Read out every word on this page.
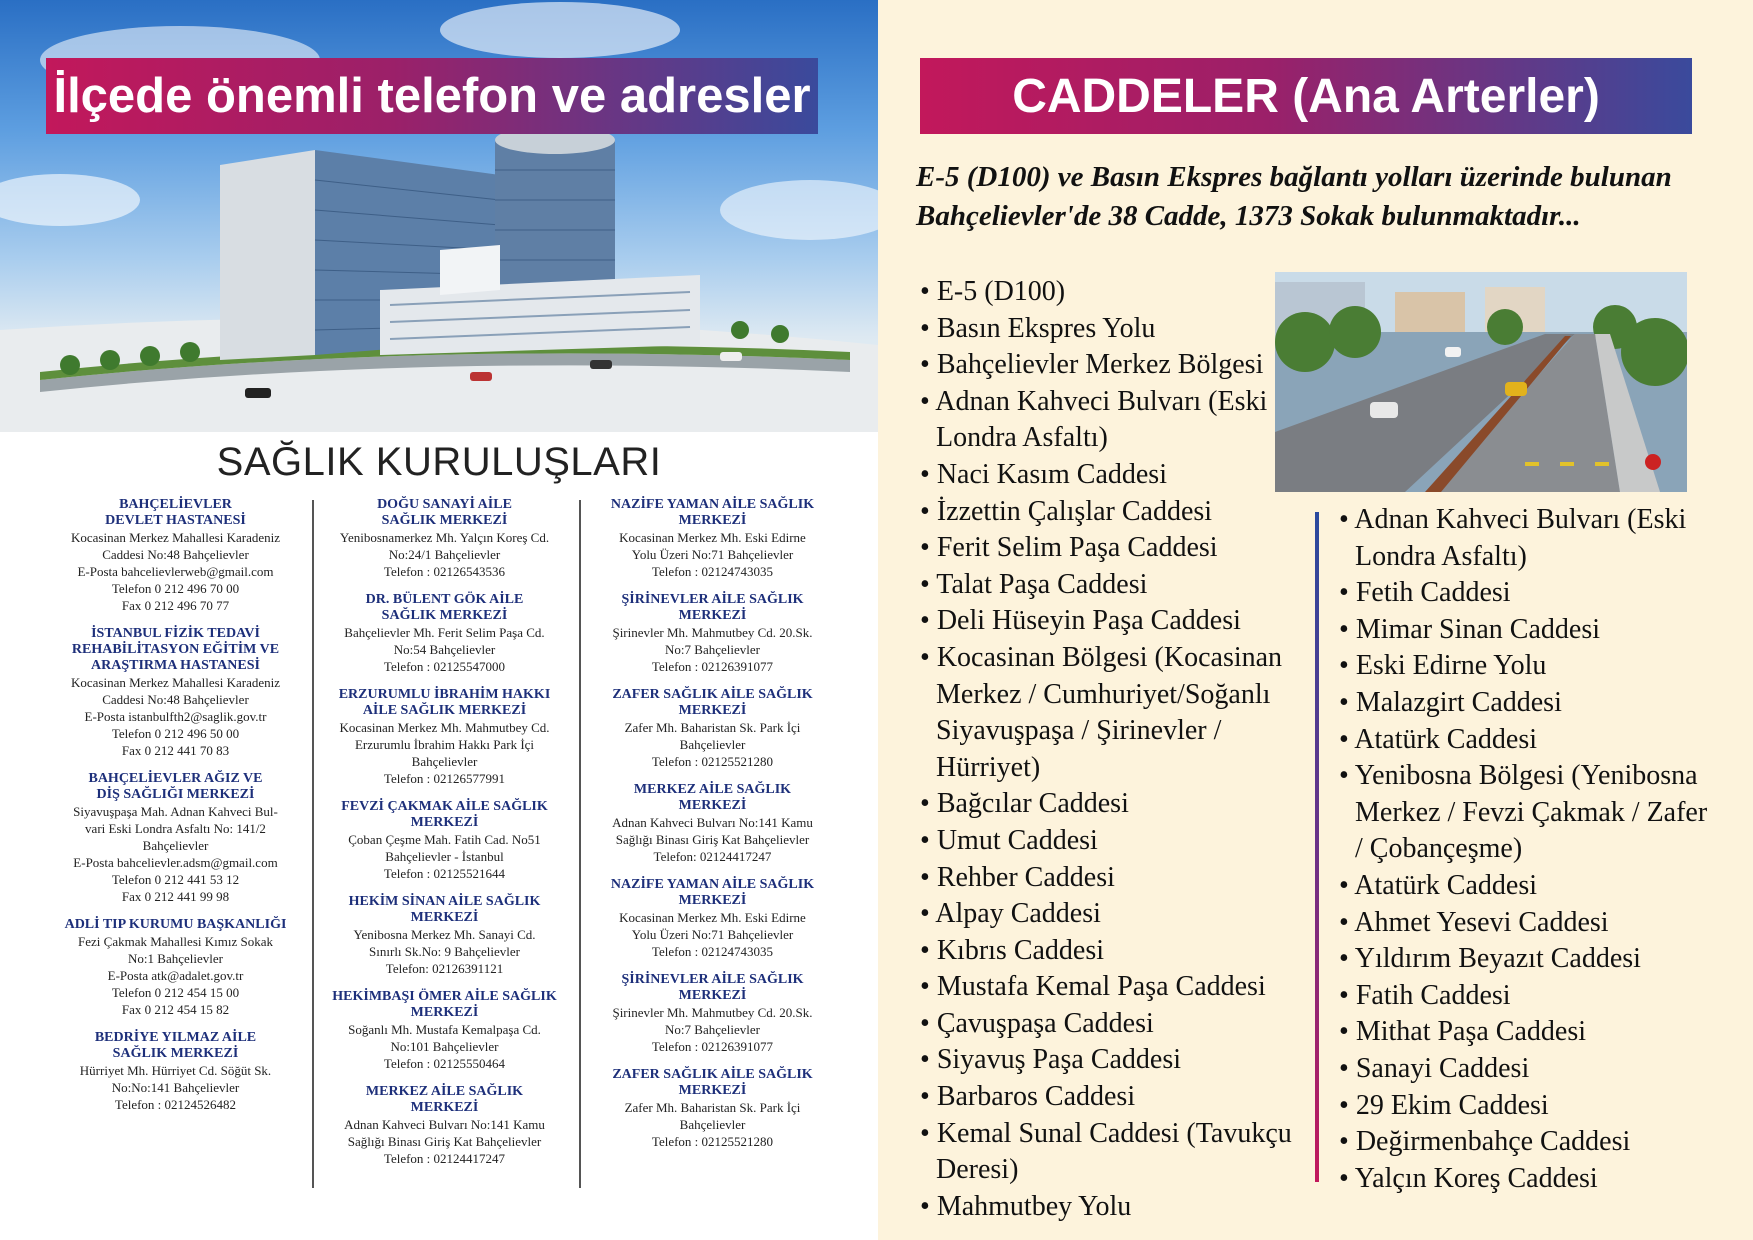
İlçede önemli telefon ve adresler
SAĞLIK KURULUŞLARI
BAHÇELİEVLER
DEVLET HASTANESİ
Kocasinan Merkez Mahallesi Karadeniz
Caddesi No:48 Bahçelievler
E-Posta bahcelievlerweb@gmail.com
Telefon 0 212 496 70 00
Fax 0 212 496 70 77
İSTANBUL FİZİK TEDAVİ
REHABİLİTASYON EĞİTİM VE
ARAŞTIRMA HASTANESİ
Kocasinan Merkez Mahallesi Karadeniz
Caddesi No:48 Bahçelievler
E-Posta istanbulfth2@saglik.gov.tr
Telefon 0 212 496 50 00
Fax 0 212 441 70 83
BAHÇELİEVLER AĞIZ VE
DİŞ SAĞLIĞI MERKEZİ
Siyavuşpaşa Mah. Adnan Kahveci Bul-
vari Eski Londra Asfaltı No: 141/2
Bahçelievler
E-Posta bahcelievler.adsm@gmail.com
Telefon 0 212 441 53 12
Fax 0 212 441 99 98
ADLİ TIP KURUMU BAŞKANLIĞI
Fezi Çakmak Mahallesi Kımız Sokak
No:1 Bahçelievler
E-Posta atk@adalet.gov.tr
Telefon 0 212 454 15 00
Fax 0 212 454 15 82
BEDRİYE YILMAZ AİLE
SAĞLIK MERKEZİ
Hürriyet Mh. Hürriyet Cd. Söğüt Sk.
No:No:141 Bahçelievler
Telefon : 02124526482
DOĞU SANAYİ AİLE
SAĞLIK MERKEZİ
Yenibosnamerkez Mh. Yalçın Koreş Cd.
No:24/1 Bahçelievler
Telefon : 02126543536
DR. BÜLENT GÖK AİLE
SAĞLIK MERKEZİ
Bahçelievler Mh. Ferit Selim Paşa Cd.
No:54 Bahçelievler
Telefon : 02125547000
ERZURUMLU İBRAHİM HAKKI
AİLE SAĞLIK MERKEZİ
Kocasinan Merkez Mh. Mahmutbey Cd.
Erzurumlu İbrahim Hakkı Park İçi
Bahçelievler
Telefon : 02126577991
FEVZİ ÇAKMAK AİLE SAĞLIK
MERKEZİ
Çoban Çeşme Mah. Fatih Cad. No51
Bahçelievler - İstanbul
Telefon : 02125521644
HEKİM SİNAN AİLE SAĞLIK
MERKEZİ
Yenibosna Merkez Mh. Sanayi Cd.
Sınırlı Sk.No: 9 Bahçelievler
Telefon: 02126391121
HEKİMBAŞI ÖMER AİLE SAĞLIK
MERKEZİ
Soğanlı Mh. Mustafa Kemalpaşa Cd.
No:101 Bahçelievler
Telefon : 02125550464
MERKEZ AİLE SAĞLIK
MERKEZİ
Adnan Kahveci Bulvarı No:141 Kamu
Sağlığı Binası Giriş Kat Bahçelievler
Telefon : 02124417247
NAZİFE YAMAN AİLE SAĞLIK
MERKEZİ
Kocasinan Merkez Mh. Eski Edirne
Yolu Üzeri No:71 Bahçelievler
Telefon : 02124743035
ŞİRİNEVLER AİLE SAĞLIK
MERKEZİ
Şirinevler Mh. Mahmutbey Cd. 20.Sk.
No:7 Bahçelievler
Telefon : 02126391077
ZAFER SAĞLIK AİLE SAĞLIK
MERKEZİ
Zafer Mh. Baharistan Sk. Park İçi
Bahçelievler
Telefon : 02125521280
MERKEZ AİLE SAĞLIK
MERKEZİ
Adnan Kahveci Bulvarı No:141 Kamu
Sağlığı Binası Giriş Kat Bahçelievler
Telefon: 02124417247
NAZİFE YAMAN AİLE SAĞLIK
MERKEZİ
Kocasinan Merkez Mh. Eski Edirne
Yolu Üzeri No:71 Bahçelievler
Telefon : 02124743035
ŞİRİNEVLER AİLE SAĞLIK
MERKEZİ
Şirinevler Mh. Mahmutbey Cd. 20.Sk.
No:7 Bahçelievler
Telefon : 02126391077
ZAFER SAĞLIK AİLE SAĞLIK
MERKEZİ
Zafer Mh. Baharistan Sk. Park İçi
Bahçelievler
Telefon : 02125521280
CADDELER (Ana Arterler)
E-5 (D100) ve Basın Ekspres bağlantı yolları üzerinde bulunan Bahçelievler'de 38 Cadde, 1373 Sokak bulunmaktadır...
• E-5 (D100)
• Basın Ekspres Yolu
• Bahçelievler Merkez Bölgesi
• Adnan Kahveci Bulvarı (Eski Londra Asfaltı)
• Naci Kasım Caddesi
• İzzettin Çalışlar Caddesi
• Ferit Selim Paşa Caddesi
• Talat Paşa Caddesi
• Deli Hüseyin Paşa Caddesi
• Kocasinan Bölgesi (Kocasinan Merkez / Cumhuriyet/Soğanlı Siyavuşpaşa / Şirinevler / Hürriyet)
• Bağcılar Caddesi
• Umut Caddesi
• Rehber Caddesi
• Alpay Caddesi
• Kıbrıs Caddesi
• Mustafa Kemal Paşa Caddesi
• Çavuşpaşa Caddesi
• Siyavuş Paşa Caddesi
• Barbaros Caddesi
• Kemal Sunal Caddesi (Tavukçu Deresi)
• Mahmutbey Yolu
• Adnan Kahveci Bulvarı (Eski Londra Asfaltı)
• Fetih Caddesi
• Mimar Sinan Caddesi
• Eski Edirne Yolu
• Malazgirt Caddesi
• Atatürk Caddesi
• Yenibosna Bölgesi (Yenibosna Merkez / Fevzi Çakmak / Zafer / Çobançeşme)
• Atatürk Caddesi
• Ahmet Yesevi Caddesi
• Yıldırım Beyazıt Caddesi
• Fatih Caddesi
• Mithat Paşa Caddesi
• Sanayi Caddesi
• 29 Ekim Caddesi
• Değirmenbahçe Caddesi
• Yalçın Koreş Caddesi
